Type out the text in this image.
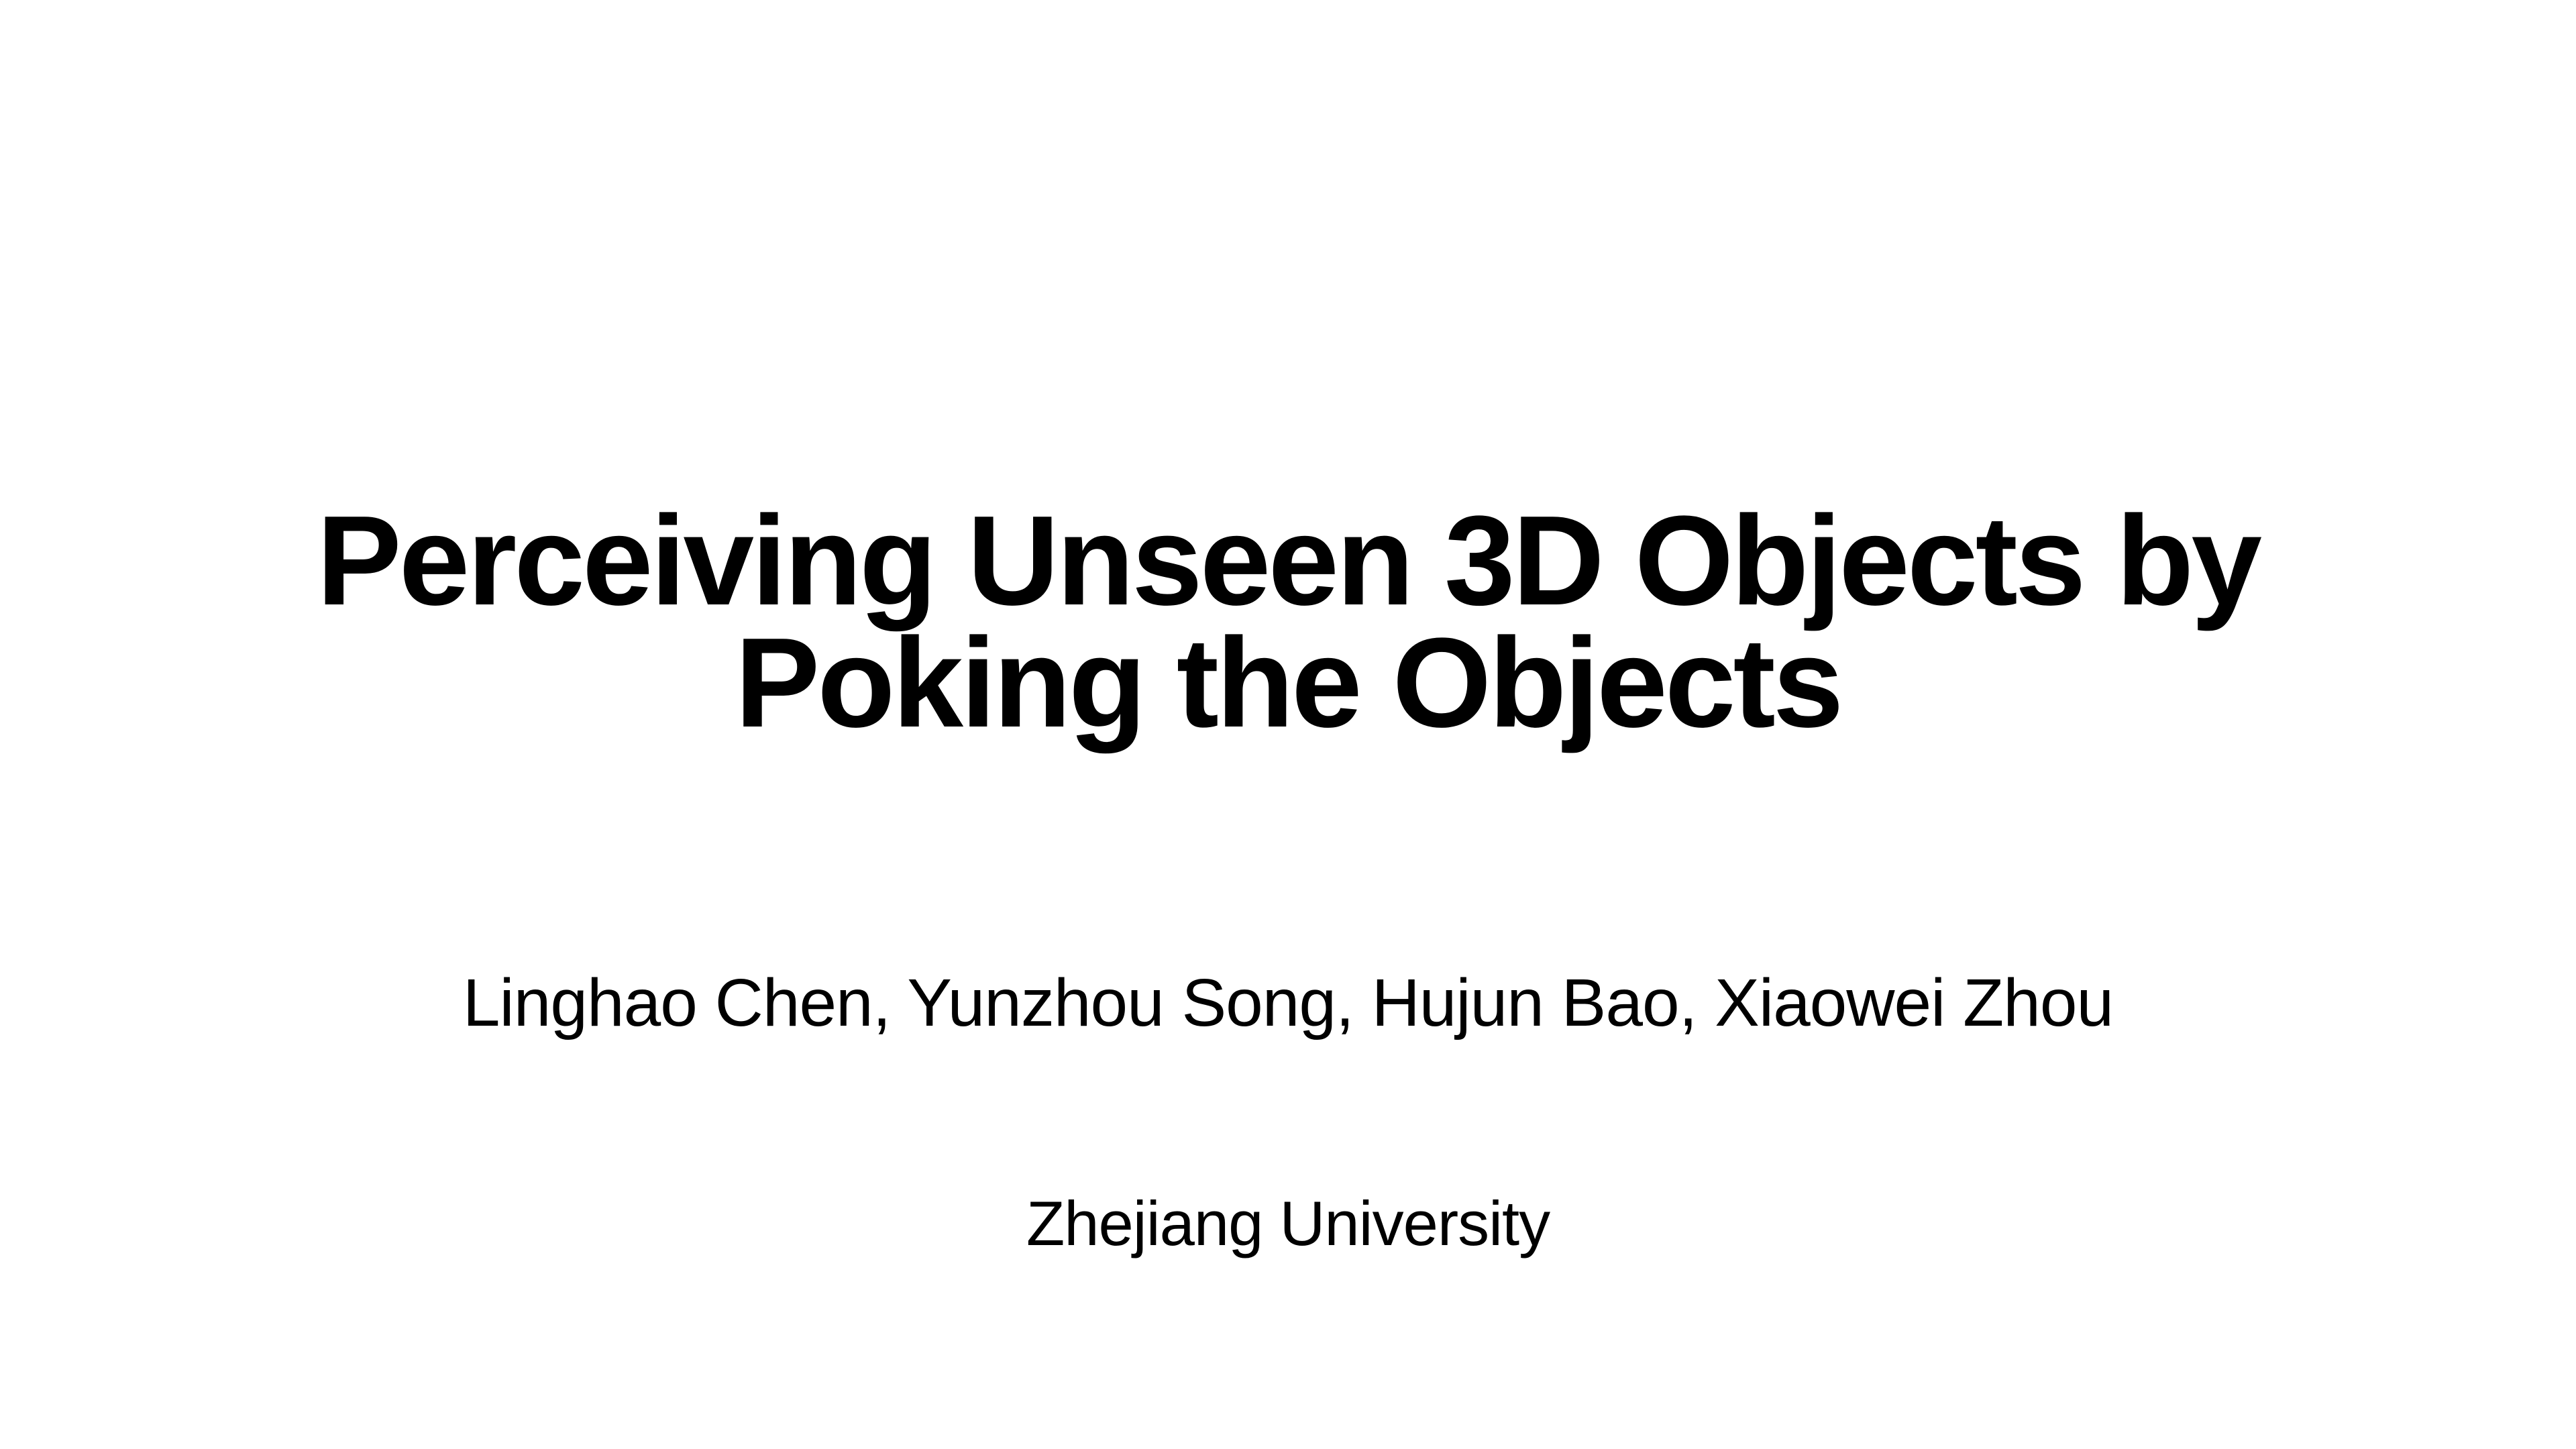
Perceiving Unseen 3D Objects by
Poking the Objects
Linghao Chen, Yunzhou Song, Hujun Bao, Xiaowei Zhou
Zhejiang University
